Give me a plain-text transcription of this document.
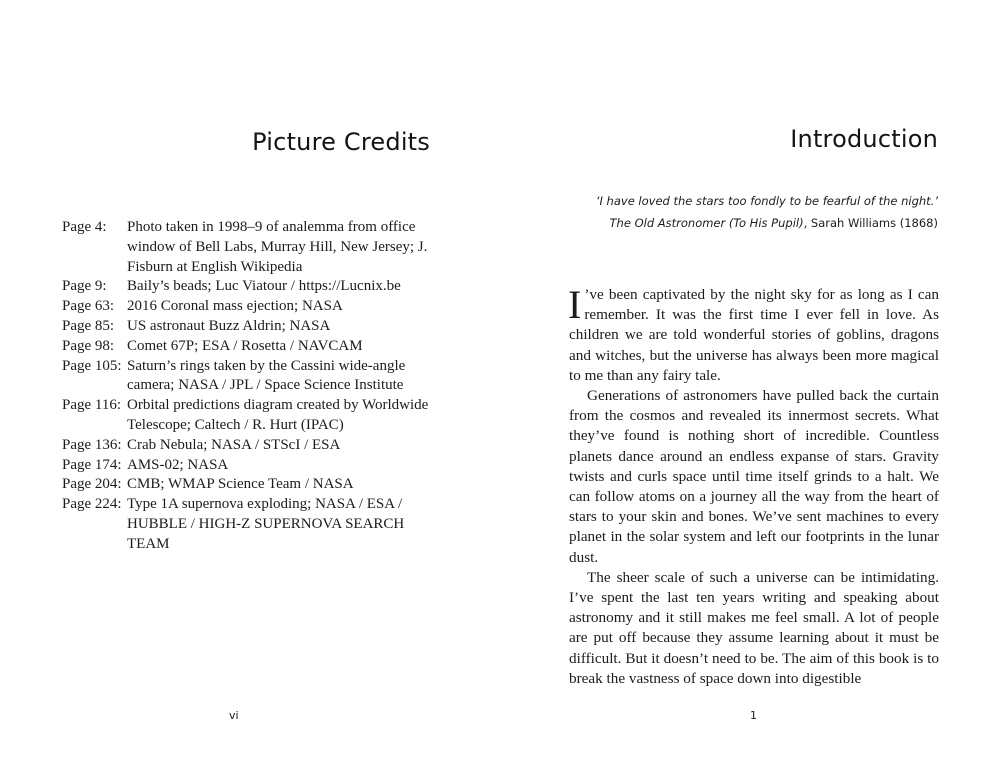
Picture Credits
Page 4:	Photo taken in 1998–9 of analemma from office window of Bell Labs, Murray Hill, New Jersey; J. Fisburn at English Wikipedia
Page 9:	Baily’s beads; Luc Viatour / https://Lucnix.be
Page 63: 2016 Coronal mass ejection; NASA
Page 85: US astronaut Buzz Aldrin; NASA
Page 98: Comet 67P; ESA / Rosetta / NAVCAM
Page 105: Saturn’s rings taken by the Cassini wide-angle camera; NASA / JPL / Space Science Institute
Page 116: Orbital predictions diagram created by Worldwide Telescope; Caltech / R. Hurt (IPAC)
Page 136: Crab Nebula; NASA / STScI / ESA
Page 174: AMS-02; NASA
Page 204: CMB; WMAP Science Team / NASA
Page 224: Type 1A supernova exploding; NASA / ESA / HUBBLE / HIGH-Z SUPERNOVA SEARCH TEAM
vi
Introduction
‘I have loved the stars too fondly to be fearful of the night.’
The Old Astronomer (To His Pupil), Sarah Williams (1868)

I ’ve been captivated by the night sky for as long as I can remember. It was the first time I ever fell in love. As children we are told wonderful stories of goblins, dragons and witches, but the universe has always been more magical to me than any fairy tale.

Generations of astronomers have pulled back the curtain from the cosmos and revealed its innermost secrets. What they’ve found is nothing short of incredible. Countless planets dance around an endless expanse of stars. Gravity twists and curls space until time itself grinds to a halt. We can follow atoms on a journey all the way from the heart of stars to your skin and bones. We’ve sent machines to every planet in the solar system and left our footprints in the lunar dust.

The sheer scale of such a universe can be intimidating. I’ve spent the last ten years writing and speaking about astronomy and it still makes me feel small. A lot of people are put off because they assume learning about it must be difficult. But it doesn’t need to be. The aim of this book is to break the vastness of space down into digestible

1
